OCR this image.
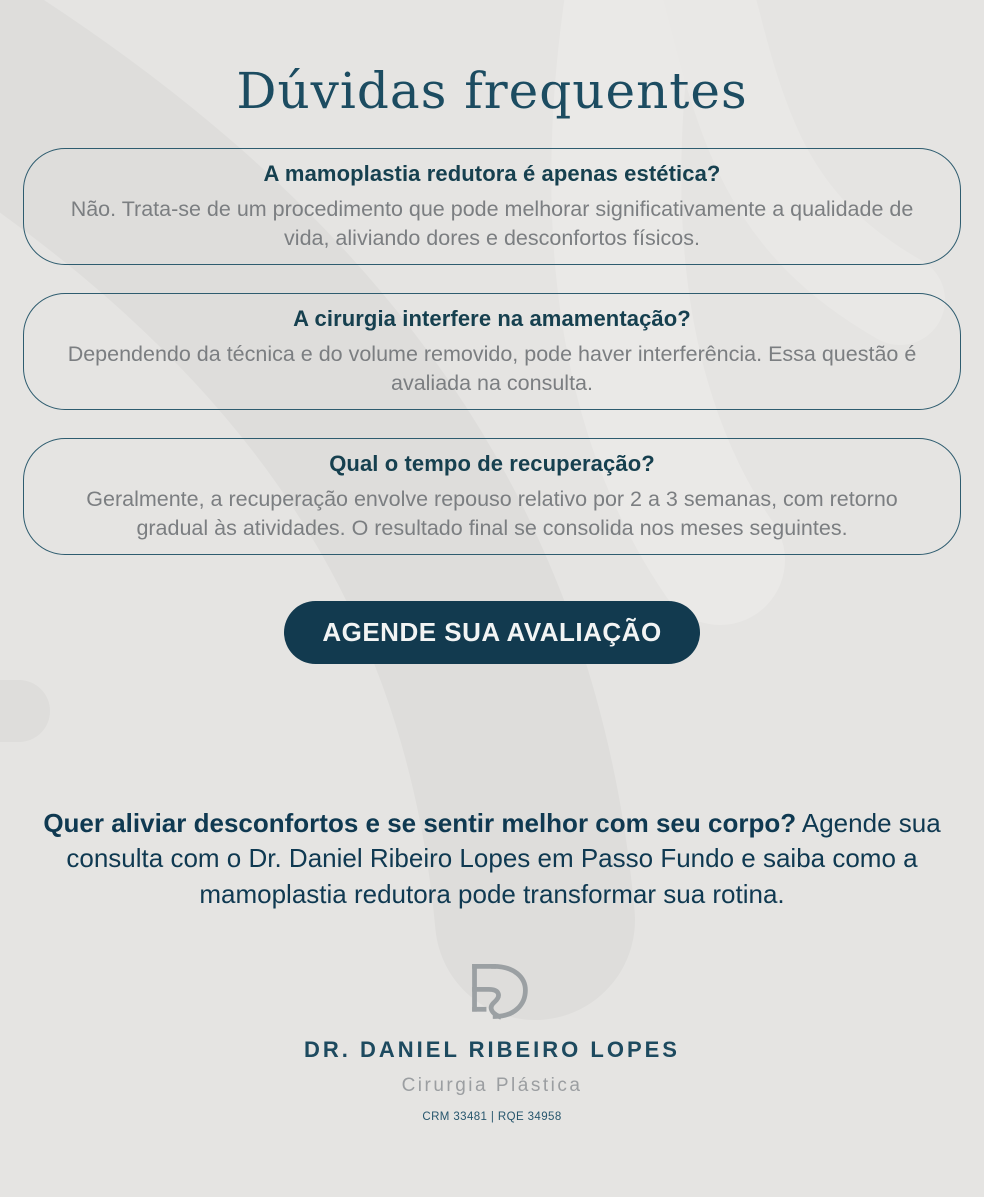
Dúvidas frequentes
A mamoplastia redutora é apenas estética?
Não. Trata-se de um procedimento que pode melhorar significativamente a qualidade de vida, aliviando dores e desconfortos físicos.
A cirurgia interfere na amamentação?
Dependendo da técnica e do volume removido, pode haver interferência. Essa questão é avaliada na consulta.
Qual o tempo de recuperação?
Geralmente, a recuperação envolve repouso relativo por 2 a 3 semanas, com retorno gradual às atividades. O resultado final se consolida nos meses seguintes.
AGENDE SUA AVALIAÇÃO

Quer aliviar desconfortos e se sentir melhor com seu corpo? Agende sua consulta com o Dr. Daniel Ribeiro Lopes em Passo Fundo e saiba como a mamoplastia redutora pode transformar sua rotina.

DR. DANIEL RIBEIRO LOPES
Cirurgia Plástica
CRM 33481 | RQE 34958
